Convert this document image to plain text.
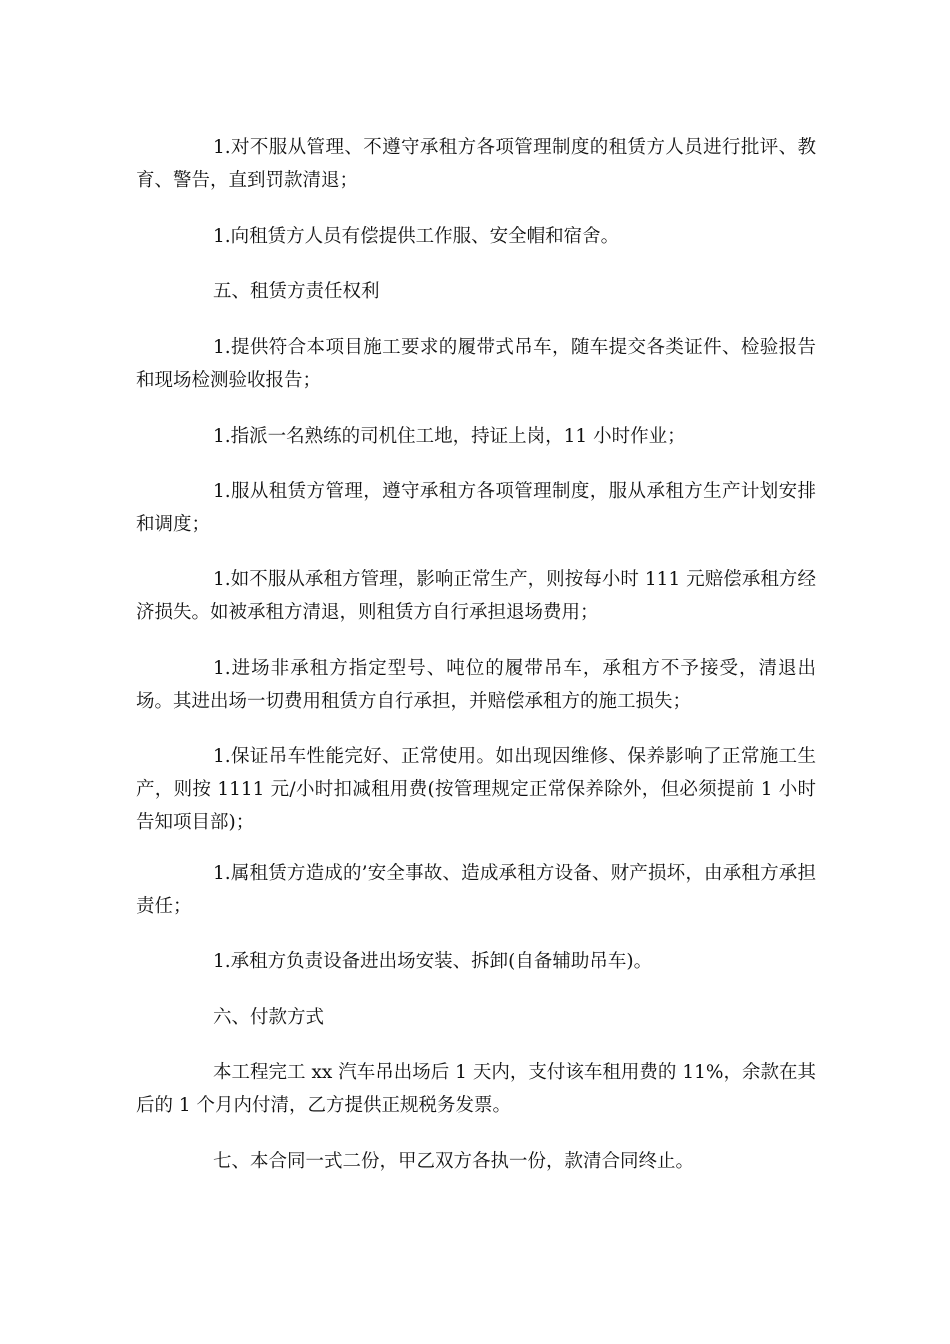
1.对不服从管理、不遵守承租方各项管理制度的租赁方人员进行批评、教育、警告，直到罚款清退；

1.向租赁方人员有偿提供工作服、安全帽和宿舍。

五、租赁方责任权利

1.提供符合本项目施工要求的履带式吊车，随车提交各类证件、检验报告和现场检测验收报告；

1.指派一名熟练的司机住工地，持证上岗，11 小时作业；

1.服从租赁方管理，遵守承租方各项管理制度，服从承租方生产计划安排和调度；

1.如不服从承租方管理，影响正常生产，则按每小时 111 元赔偿承租方经济损失。如被承租方清退，则租赁方自行承担退场费用；

1.进场非承租方指定型号、吨位的履带吊车，承租方不予接受，清退出场。其进出场一切费用租赁方自行承担，并赔偿承租方的施工损失；

1.保证吊车性能完好、正常使用。如出现因维修、保养影响了正常施工生产，则按 1111 元/小时扣减租用费(按管理规定正常保养除外，但必须提前 1 小时告知项目部)；

1.属租赁方造成的’安全事故、造成承租方设备、财产损坏，由承租方承担责任；

1.承租方负责设备进出场安装、拆卸(自备辅助吊车)。

六、付款方式

本工程完工 xx 汽车吊出场后 1 天内，支付该车租用费的 11%，余款在其后的 1 个月内付清，乙方提供正规税务发票。

七、本合同一式二份，甲乙双方各执一份，款清合同终止。
